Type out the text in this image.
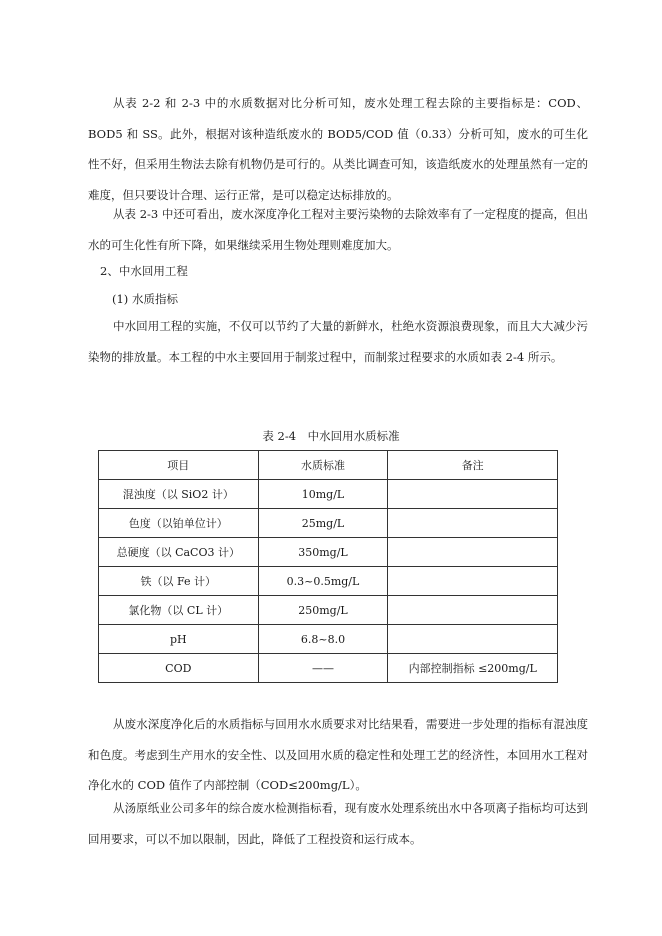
从表 2-2 和 2-3 中的水质数据对比分析可知，废水处理工程去除的主要指标是：COD、BOD5 和 SS。此外，根据对该种造纸废水的 BOD5/COD 值（0.33）分析可知，废水的可生化性不好，但采用生物法去除有机物仍是可行的。从类比调查可知，该造纸废水的处理虽然有一定的难度，但只要设计合理、运行正常，是可以稳定达标排放的。

从表 2-3 中还可看出，废水深度净化工程对主要污染物的去除效率有了一定程度的提高，但出水的可生化性有所下降，如果继续采用生物处理则难度加大。

2、中水回用工程

(1) 水质指标

中水回用工程的实施，不仅可以节约了大量的新鲜水，杜绝水资源浪费现象，而且大大减少污染物的排放量。本工程的中水主要回用于制浆过程中，而制浆过程要求的水质如表 2-4 所示。

表 2-4　中水回用水质标准

项目	水质标准	备注
混浊度（以 SiO2 计）	10mg/L	
色度（以铂单位计）	25mg/L	
总硬度（以 CaCO3 计）	350mg/L	
铁（以 Fe 计）	0.3~0.5mg/L	
氯化物（以 CL 计）	250mg/L	
pH	6.8~8.0	
COD	——	内部控制指标 ≤200mg/L

从废水深度净化后的水质指标与回用水水质要求对比结果看，需要进一步处理的指标有混浊度和色度。考虑到生产用水的安全性、以及回用水质的稳定性和处理工艺的经济性，本回用水工程对净化水的 COD 值作了内部控制（COD≤200mg/L）。

从汤原纸业公司多年的综合废水检测指标看，现有废水处理系统出水中各项离子指标均可达到回用要求，可以不加以限制，因此，降低了工程投资和运行成本。
